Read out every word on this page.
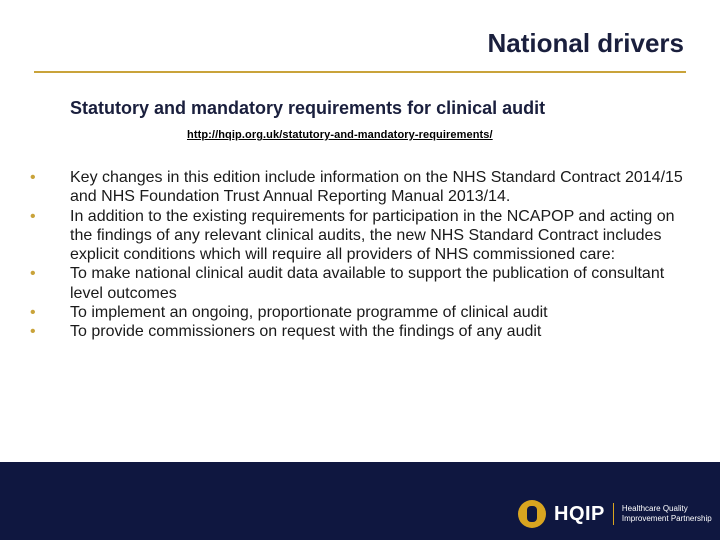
National drivers
Statutory and mandatory requirements for clinical audit
http://hqip.org.uk/statutory-and-mandatory-requirements/
• Key changes in this edition include information on the NHS Standard Contract 2014/15 and NHS Foundation Trust Annual Reporting Manual 2013/14.
• In addition to the existing requirements for participation in the NCAPOP and acting on the findings of any relevant clinical audits, the new NHS Standard Contract includes explicit conditions which will require all providers of NHS commissioned care:
• To make national clinical audit data available to support the publication of consultant level outcomes
• To implement an ongoing, proportionate programme of clinical audit
• To provide commissioners on request with the findings of any audit
HQIP Healthcare Quality
Improvement Partnership
